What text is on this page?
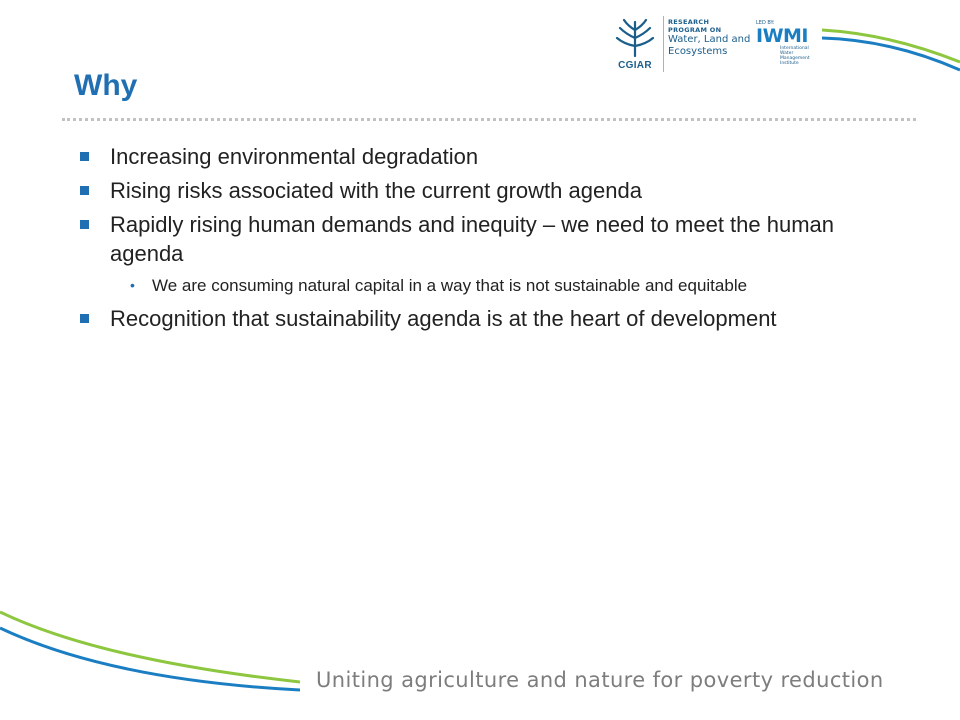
CGIAR
RESEARCH
PROGRAM ON
Water, Land and
Ecosystems
LED BY:
IWMI
International
Water Management
Institute
Why
Increasing environmental degradation
Rising risks associated with the current growth agenda
Rapidly rising human demands and inequity – we need to meet the human agenda
• We are consuming natural capital in a way that is not sustainable and equitable
Recognition that sustainability agenda is at the heart of development
Uniting agriculture and nature for poverty reduction
